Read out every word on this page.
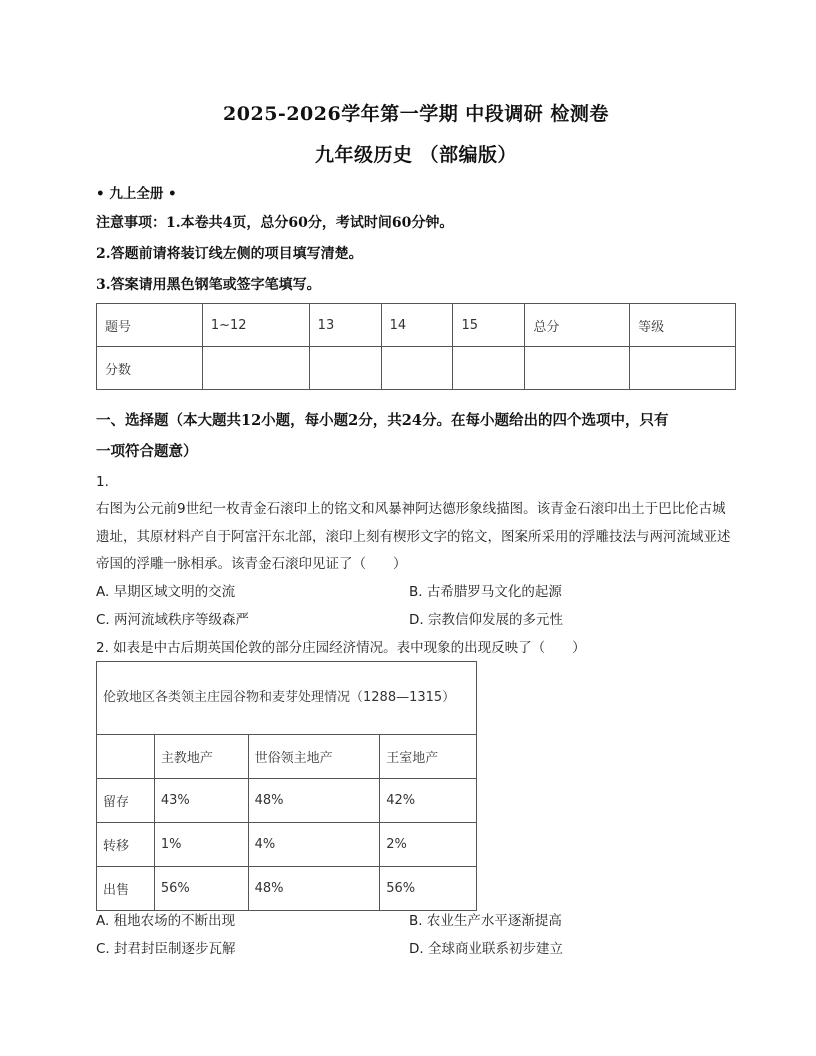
2025-2026学年第一学期 中段调研 检测卷
九年级历史 （部编版）
• 九上全册 •
注意事项：1.本卷共4页，总分60分，考试时间60分钟。
2.答题前请将装订线左侧的项目填写清楚。
3.答案请用黑色钢笔或签字笔填写。
题号	1~12	13	14	15	总分	等级
分数						
一、选择题（本大题共12小题，每小题2分，共24分。在每小题给出的四个选项中，只有
一项符合题意）
1.
右图为公元前9世纪一枚青金石滚印上的铭文和风暴神阿达德形象线描图。该青金石滚印出土于巴比伦古城遗址，其原材料产自于阿富汗东北部，滚印上刻有楔形文字的铭文，图案所采用的浮雕技法与两河流域亚述帝国的浮雕一脉相承。该青金石滚印见证了（　　）
A. 早期区域文明的交流	B. 古希腊罗马文化的起源
C. 两河流域秩序等级森严	D. 宗教信仰发展的多元性
2. 如表是中古后期英国伦敦的部分庄园经济情况。表中现象的出现反映了（　　）
伦敦地区各类领主庄园谷物和麦芽处理情况（1288—1315）			
	主教地产	世俗领主地产	王室地产
留存	43%	48%	42%
转移	1%	4%	2%
出售	56%	48%	56%
A. 租地农场的不断出现	B. 农业生产水平逐渐提高
C. 封君封臣制逐步瓦解	D. 全球商业联系初步建立
